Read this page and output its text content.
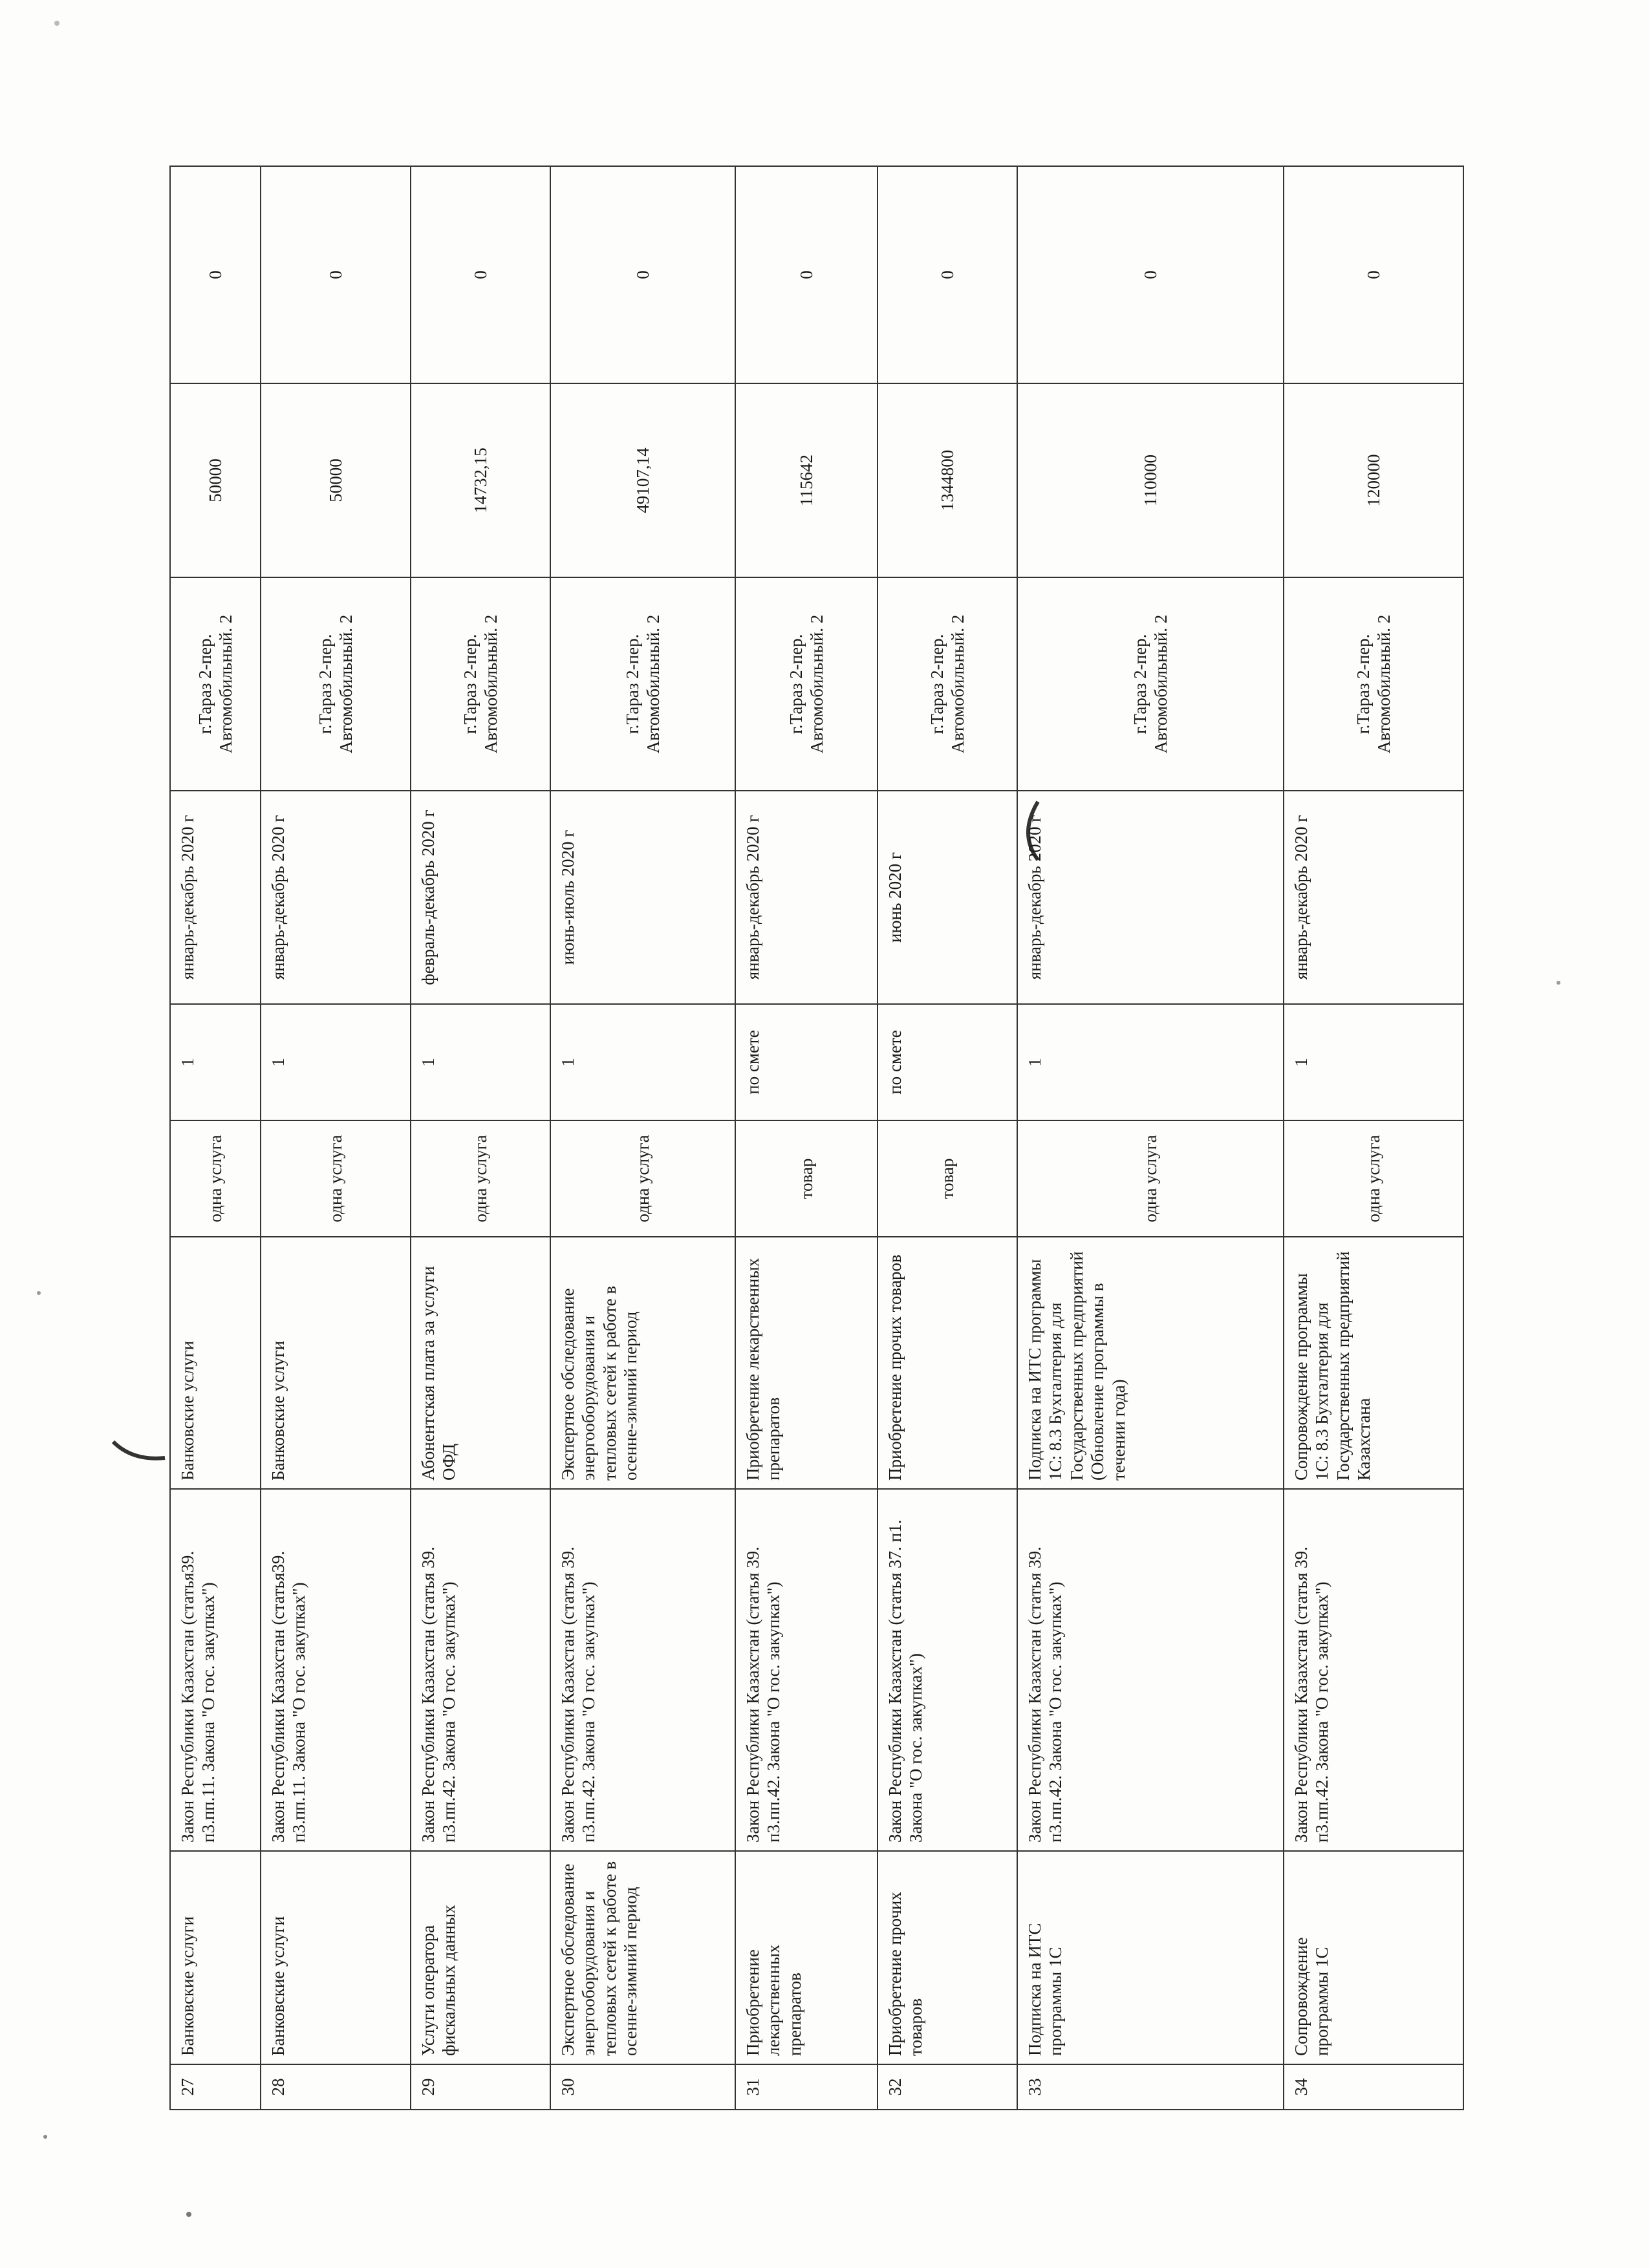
27	Банковские услуги	Закон Республики Казахстан (статья39. п3.пп.11. Закона "О гос. закупках")	Банковские услуги	одна услуга	1	январь-декабрь 2020 г	г.Тараз 2-пер. Автомобильный. 2	50000	0
28	Банковские услуги	Закон Республики Казахстан (статья39. п3.пп.11. Закона "О гос. закупках")	Банковские услуги	одна услуга	1	январь-декабрь 2020 г	г.Тараз 2-пер. Автомобильный. 2	50000	0
29	Услуги оператора фискальных данных	Закон Республики Казахстан (статья 39. п3.пп.42. Закона "О гос. закупках")	Абонентская плата за услуги ОФД	одна услуга	1	февраль-декабрь 2020 г	г.Тараз 2-пер. Автомобильный. 2	14732,15	0
30	Экспертное обследование энергооборудования и тепловых сетей к работе в осенне-зимний период	Закон Республики Казахстан (статья 39. п3.пп.42. Закона "О гос. закупках")	Экспертное обследование энергооборудования и тепловых сетей к работе в осенне-зимний период	одна услуга	1	июнь-июль 2020 г	г.Тараз 2-пер. Автомобильный. 2	49107,14	0
31	Приобретение лекарственных препаратов	Закон Республики Казахстан (статья 39. п3.пп.42. Закона "О гос. закупках")	Приобретение лекарственных препаратов	товар	по смете	январь-декабрь 2020 г	г.Тараз 2-пер. Автомобильный. 2	115642	0
32	Приобретение прочих товаров	Закон Республики Казахстан (статья 37. п1. Закона "О гос. закупках")	Приобретение прочих товаров	товар	по смете	июнь 2020 г	г.Тараз 2-пер. Автомобильный. 2	1344800	0
33	Подписка на ИТС программы 1С	Закон Республики Казахстан (статья 39. п3.пп.42. Закона "О гос. закупках")	Подписка на ИТС программы 1С: 8.3 Бухгалтерия для Государственных предприятий (Обновление программы в течении года)	одна услуга	1	январь-декабрь 2020 г	г.Тараз 2-пер. Автомобильный. 2	110000	0
34	Сопровождение программы 1С	Закон Республики Казахстан (статья 39. п3.пп.42. Закона "О гос. закупках")	Сопровождение программы 1С: 8.3 Бухгалтерия для Государственных предприятий Казахстана	одна услуга	1	январь-декабрь 2020 г	г.Тараз 2-пер. Автомобильный. 2	120000	0
